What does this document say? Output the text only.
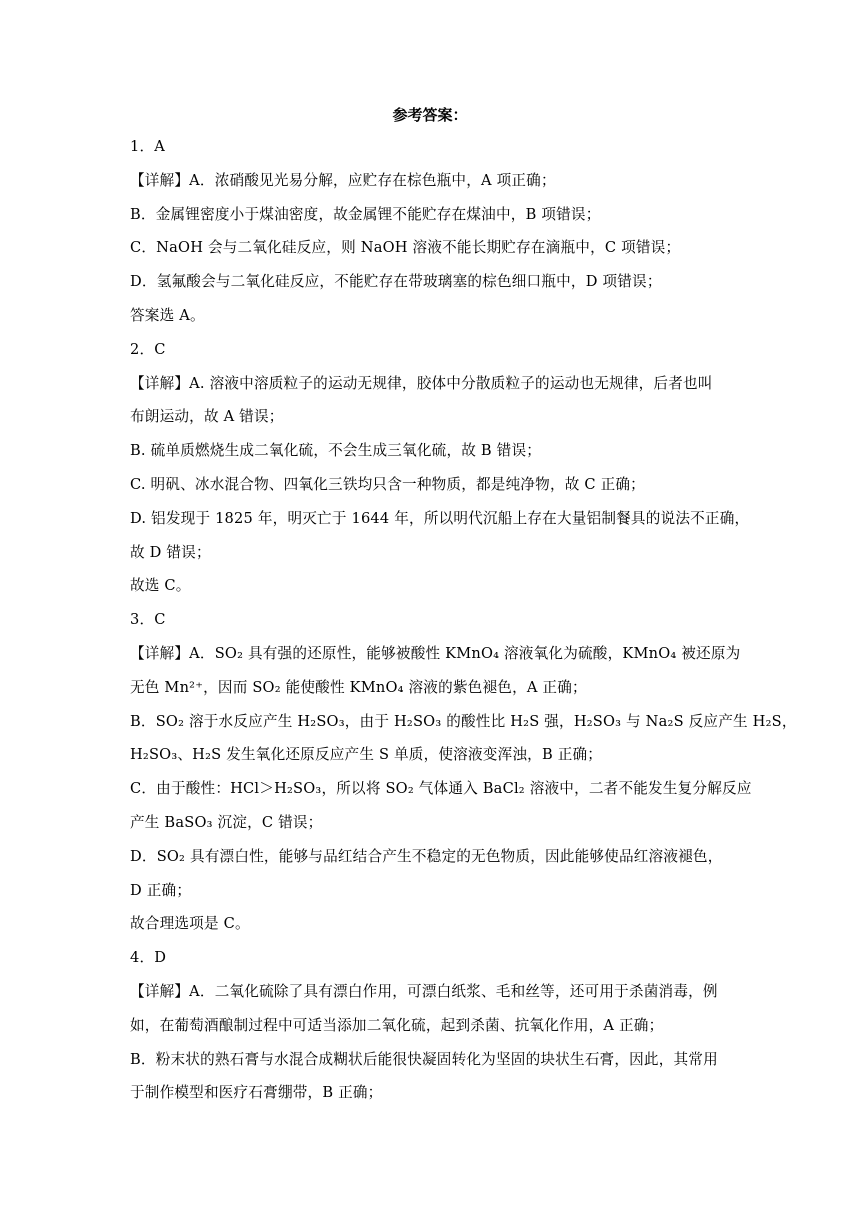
参考答案：
1．A
【详解】A．浓硝酸见光易分解，应贮存在棕色瓶中，A 项正确；
B．金属锂密度小于煤油密度，故金属锂不能贮存在煤油中，B 项错误；
C．NaOH 会与二氧化硅反应，则 NaOH 溶液不能长期贮存在滴瓶中，C 项错误；
D．氢氟酸会与二氧化硅反应，不能贮存在带玻璃塞的棕色细口瓶中，D 项错误；
答案选 A。
2．C
【详解】A. 溶液中溶质粒子的运动无规律，胶体中分散质粒子的运动也无规律，后者也叫
布朗运动，故 A 错误；
B. 硫单质燃烧生成二氧化硫，不会生成三氧化硫，故 B 错误；
C. 明矾、冰水混合物、四氧化三铁均只含一种物质，都是纯净物，故 C 正确；
D. 铝发现于 1825 年，明灭亡于 1644 年，所以明代沉船上存在大量铝制餐具的说法不正确，
故 D 错误；
故选 C。
3．C
【详解】A．SO₂ 具有强的还原性，能够被酸性 KMnO₄ 溶液氧化为硫酸，KMnO₄ 被还原为
无色 Mn²⁺，因而 SO₂ 能使酸性 KMnO₄ 溶液的紫色褪色，A 正确；
B．SO₂ 溶于水反应产生 H₂SO₃，由于 H₂SO₃ 的酸性比 H₂S 强，H₂SO₃ 与 Na₂S 反应产生 H₂S，
H₂SO₃、H₂S 发生氧化还原反应产生 S 单质，使溶液变浑浊，B 正确；
C．由于酸性：HCl＞H₂SO₃，所以将 SO₂ 气体通入 BaCl₂ 溶液中，二者不能发生复分解反应
产生 BaSO₃ 沉淀，C 错误；
D．SO₂ 具有漂白性，能够与品红结合产生不稳定的无色物质，因此能够使品红溶液褪色，
D 正确；
故合理选项是 C。
4．D
【详解】A．二氧化硫除了具有漂白作用，可漂白纸浆、毛和丝等，还可用于杀菌消毒，例
如，在葡萄酒酿制过程中可适当添加二氧化硫，起到杀菌、抗氧化作用，A 正确；
B．粉末状的熟石膏与水混合成糊状后能很快凝固转化为坚固的块状生石膏，因此，其常用
于制作模型和医疗石膏绷带，B 正确；
